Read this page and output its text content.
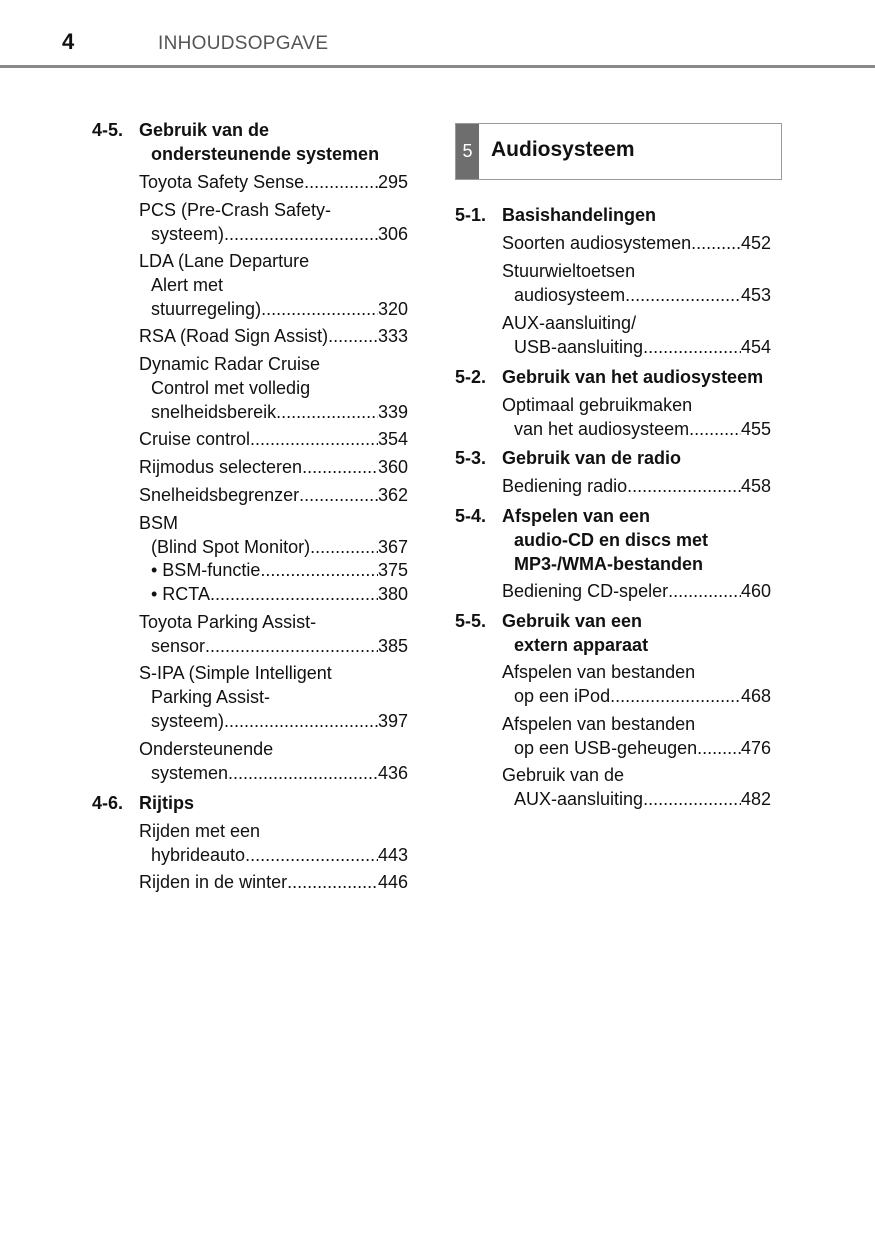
4	INHOUDSOPGAVE
4-5. Gebruik van de
ondersteunende systemen
Toyota Safety Sense .....	295
PCS (Pre-Crash Safety-
systeem) .....	306
LDA (Lane Departure
Alert met
stuurregeling) .....	320
RSA (Road Sign Assist) .....	333
Dynamic Radar Cruise
Control met volledig
snelheidsbereik .....	339
Cruise control .....	354
Rijmodus selecteren .....	360
Snelheidsbegrenzer .....	362
BSM
(Blind Spot Monitor) .....	367
• BSM-functie .....	375
• RCTA .....	380
Toyota Parking Assist-
sensor .....	385
S-IPA (Simple Intelligent
Parking Assist-
systeem) .....	397
Ondersteunende
systemen .....	436
4-6. Rijtips
Rijden met een
hybrideauto .....	443
Rijden in de winter .....	446
5 Audiosysteem
5-1. Basishandelingen
Soorten audiosystemen .....	452
Stuurwieltoetsen
audiosysteem .....	453
AUX-aansluiting/
USB-aansluiting .....	454
5-2. Gebruik van het audiosysteem
Optimaal gebruikmaken
van het audiosysteem .....	455
5-3. Gebruik van de radio
Bediening radio .....	458
5-4. Afspelen van een
audio-CD en discs met
MP3-/WMA-bestanden
Bediening CD-speler .....	460
5-5. Gebruik van een
extern apparaat
Afspelen van bestanden
op een iPod .....	468
Afspelen van bestanden
op een USB-geheugen ..... 476
Gebruik van de
AUX-aansluiting .....	482
